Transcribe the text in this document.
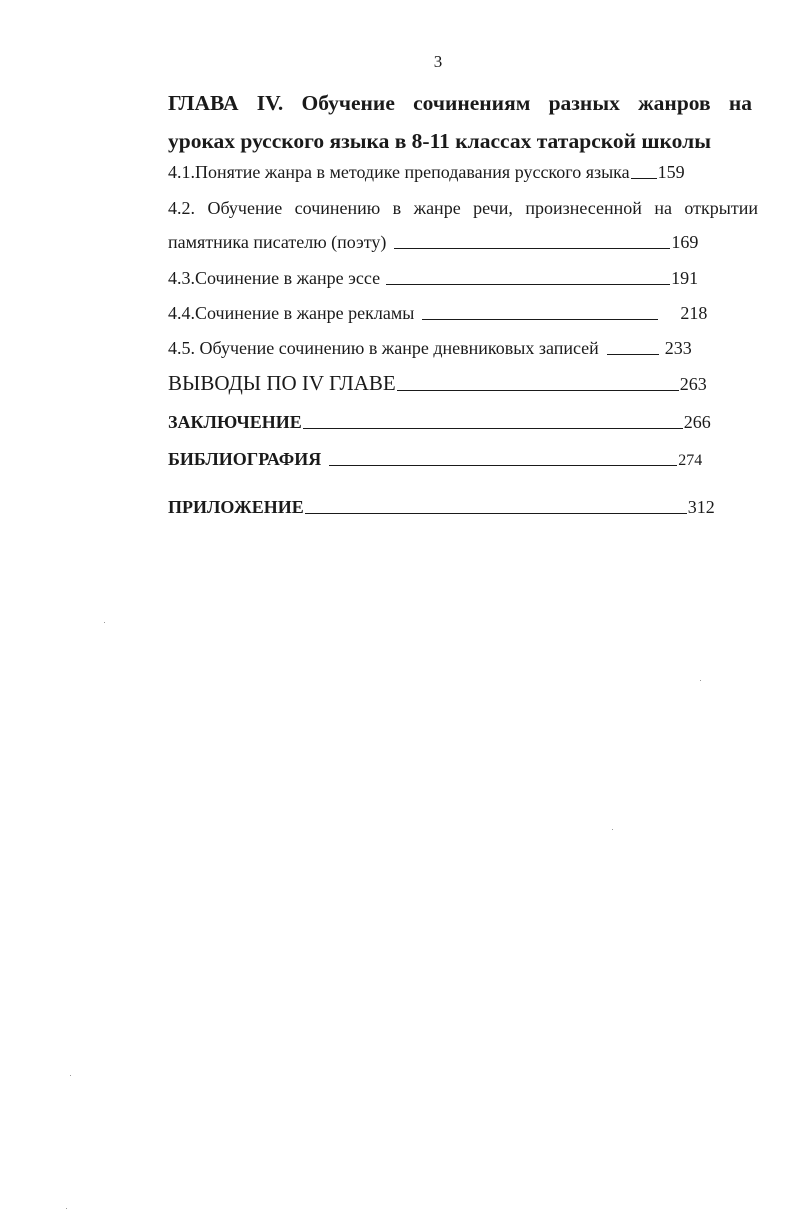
3
ГЛАВА IV. Обучение сочинениям разных жанров на
уроках русского языка в 8-11 классах татарской школы
4.1.Понятие жанра в методике преподавания русского языка 159
4.2. Обучение сочинению в жанре речи, произнесенной на открытии
памятника писателю (поэту)	169
4.3.Сочинение в жанре эссе	191
4.4.Сочинение в жанре рекламы	218
4.5. Обучение сочинению в жанре дневниковых записей	233
ВЫВОДЫ ПО IV ГЛАВЕ	263
ЗАКЛЮЧЕНИЕ	266
БИБЛИОГРАФИЯ	274
ПРИЛОЖЕНИЕ	312
